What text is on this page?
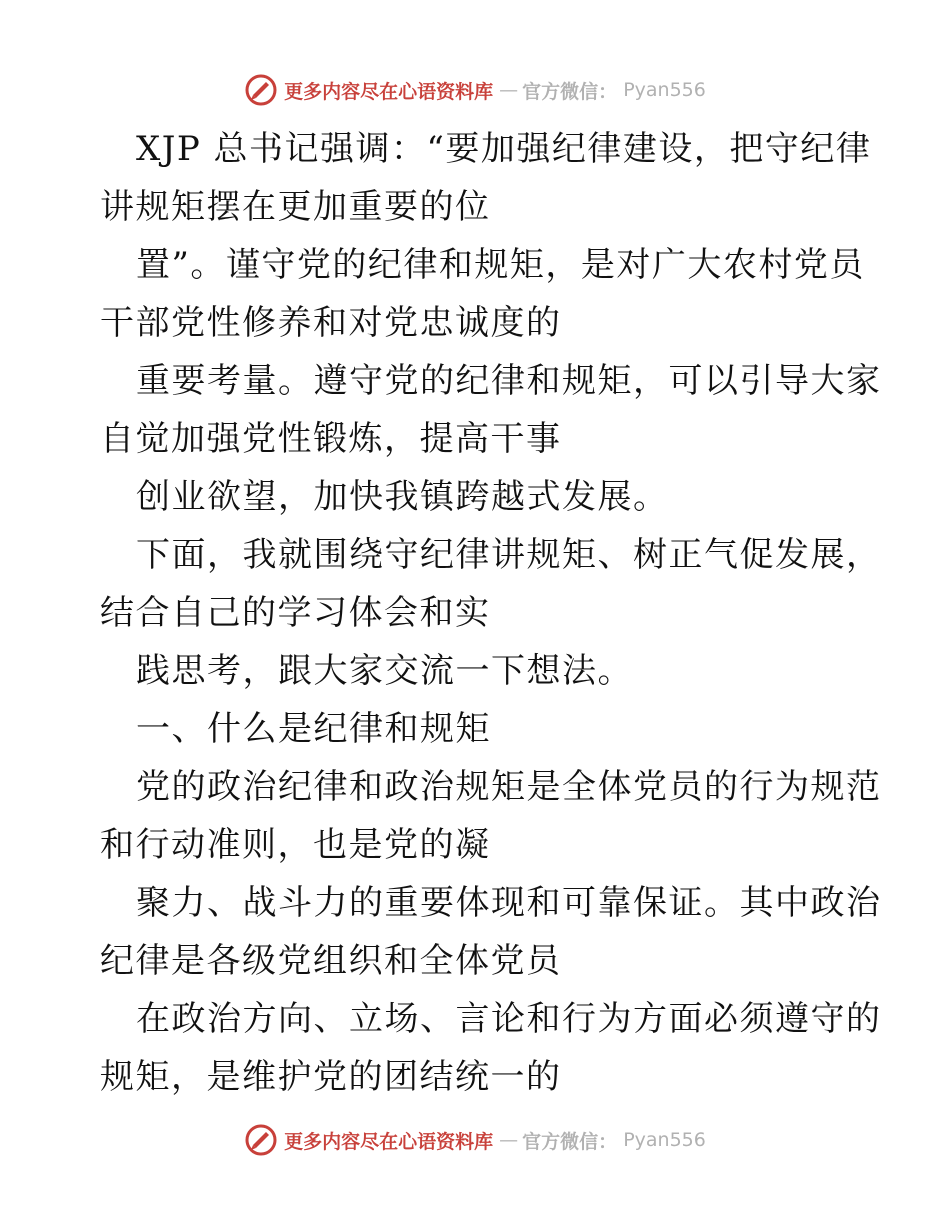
更多内容尽在心语资料库 — 官方微信： Pyan556
XJP 总书记强调：“要加强纪律建设，把守纪律
讲规矩摆在更加重要的位
置”。谨守党的纪律和规矩，是对广大农村党员
干部党性修养和对党忠诚度的
重要考量。遵守党的纪律和规矩，可以引导大家
自觉加强党性锻炼，提高干事
创业欲望，加快我镇跨越式发展。
下面，我就围绕守纪律讲规矩、树正气促发展，
结合自己的学习体会和实
践思考，跟大家交流一下想法。
一、什么是纪律和规矩
党的政治纪律和政治规矩是全体党员的行为规范
和行动准则，也是党的凝
聚力、战斗力的重要体现和可靠保证。其中政治
纪律是各级党组织和全体党员
在政治方向、立场、言论和行为方面必须遵守的
规矩，是维护党的团结统一的
更多内容尽在心语资料库 — 官方微信： Pyan556
